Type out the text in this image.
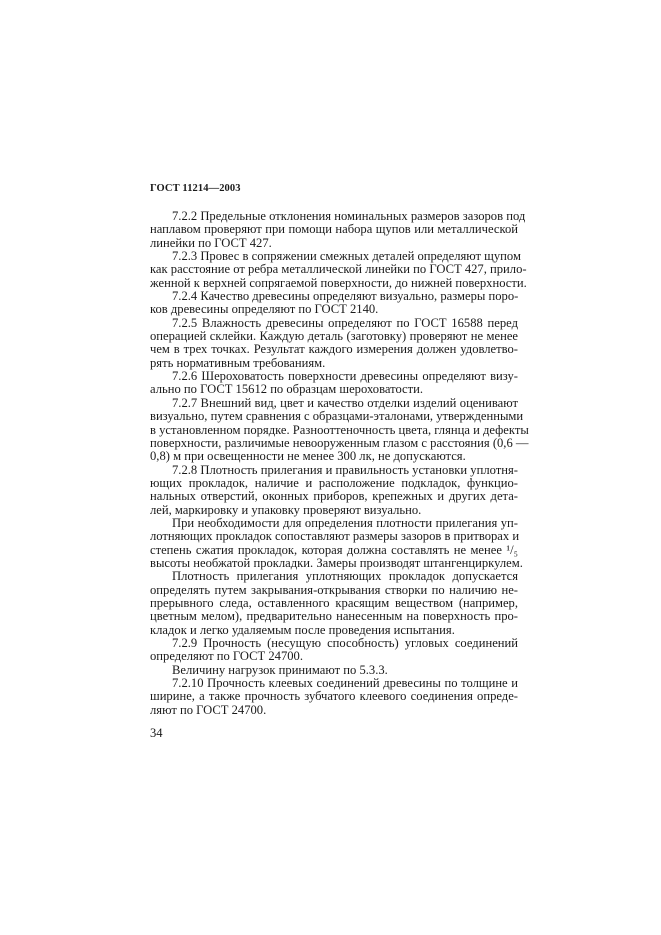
ГОСТ 11214—2003
7.2.2 Предельные отклонения номинальных размеров зазоров под
наплавом проверяют при помощи набора щупов или металлической
линейки по ГОСТ 427.
7.2.3 Провес в сопряжении смежных деталей определяют щупом
как расстояние от ребра металлической линейки по ГОСТ 427, прило-
женной к верхней сопрягаемой поверхности, до нижней поверхности.
7.2.4 Качество древесины определяют визуально, размеры поро-
ков древесины определяют по ГОСТ 2140.
7.2.5 Влажность древесины определяют по ГОСТ 16588 перед
операцией склейки. Каждую деталь (заготовку) проверяют не менее
чем в трех точках. Результат каждого измерения должен удовлетво-
рять нормативным требованиям.
7.2.6 Шероховатость поверхности древесины определяют визу-
ально по ГОСТ 15612 по образцам шероховатости.
7.2.7 Внешний вид, цвет и качество отделки изделий оценивают
визуально, путем сравнения с образцами-эталонами, утвержденными
в установленном порядке. Разнооттеночность цвета, глянца и дефекты
поверхности, различимые невооруженным глазом с расстояния (0,6 —
0,8) м при освещенности не менее 300 лк, не допускаются.
7.2.8 Плотность прилегания и правильность установки уплотня-
ющих прокладок, наличие и расположение подкладок, функцио-
нальных отверстий, оконных приборов, крепежных и других дета-
лей, маркировку и упаковку проверяют визуально.
При необходимости для определения плотности прилегания уп-
лотняющих прокладок сопоставляют размеры зазоров в притворах и
степень сжатия прокладок, которая должна составлять не менее ¹/₅
высоты необжатой прокладки. Замеры производят штангенциркулем.
Плотность прилегания уплотняющих прокладок допускается
определять путем закрывания-открывания створки по наличию не-
прерывного следа, оставленного красящим веществом (например,
цветным мелом), предварительно нанесенным на поверхность про-
кладок и легко удаляемым после проведения испытания.
7.2.9 Прочность (несущую способность) угловых соединений
определяют по ГОСТ 24700.
Величину нагрузок принимают по 5.3.3.
7.2.10 Прочность клеевых соединений древесины по толщине и
ширине, а также прочность зубчатого клеевого соединения опреде-
ляют по ГОСТ 24700.
34
